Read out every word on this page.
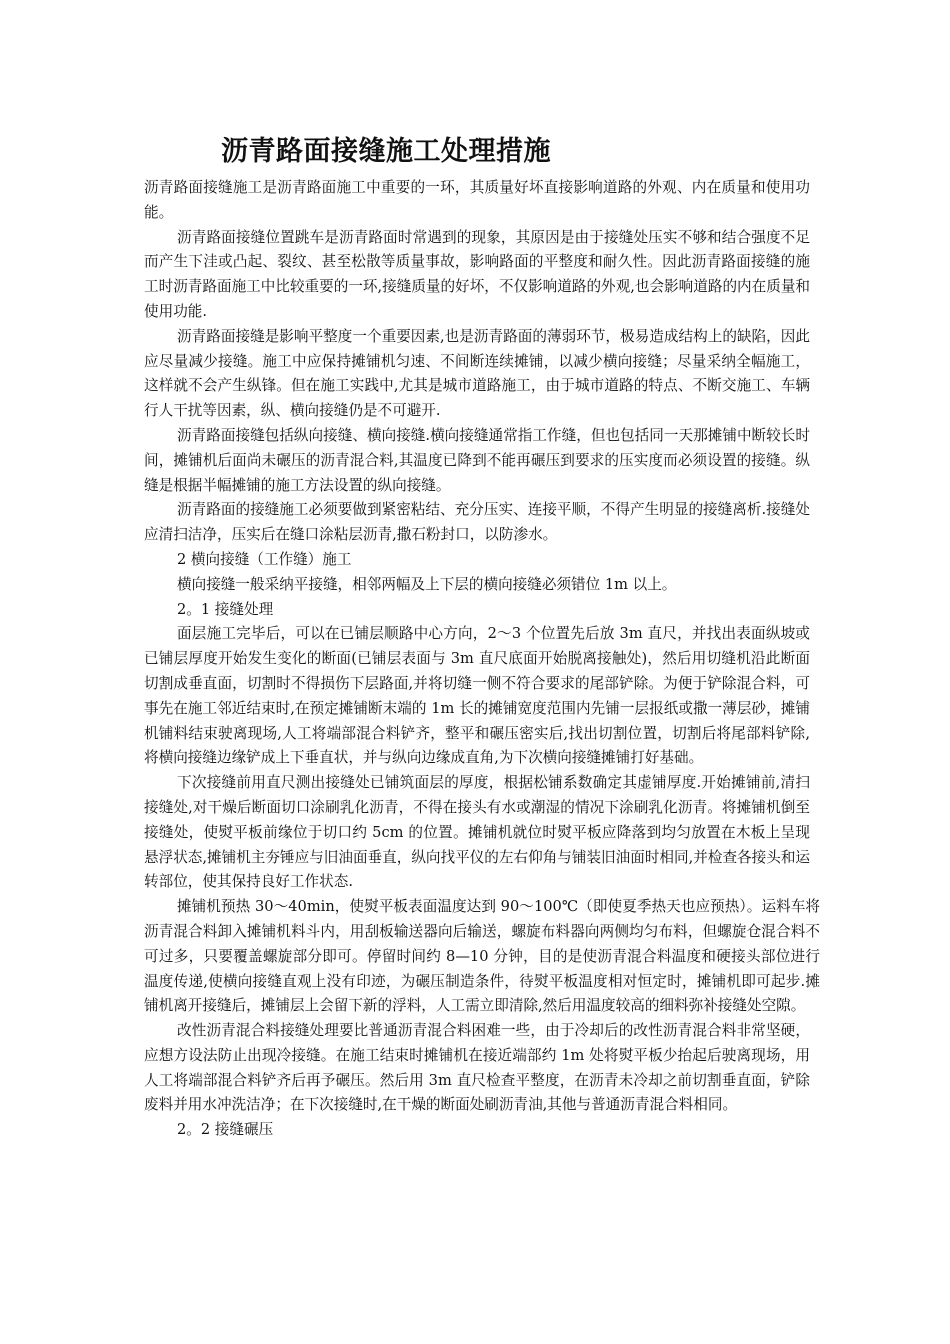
沥青路面接缝施工处理措施

沥青路面接缝施工是沥青路面施工中重要的一环，其质量好坏直接影响道路的外观、内在质量和使用功能。

沥青路面接缝位置跳车是沥青路面时常遇到的现象，其原因是由于接缝处压实不够和结合强度不足而产生下洼或凸起、裂纹、甚至松散等质量事故，影响路面的平整度和耐久性。因此沥青路面接缝的施工时沥青路面施工中比较重要的一环,接缝质量的好坏，不仅影响道路的外观,也会影响道路的内在质量和使用功能.

沥青路面接缝是影响平整度一个重要因素,也是沥青路面的薄弱环节，极易造成结构上的缺陷，因此应尽量减少接缝。施工中应保持摊铺机匀速、不间断连续摊铺，以减少横向接缝；尽量采纳全幅施工，这样就不会产生纵锋。但在施工实践中,尤其是城市道路施工，由于城市道路的特点、不断交施工、车辆行人干扰等因素，纵、横向接缝仍是不可避开.

沥青路面接缝包括纵向接缝、横向接缝.横向接缝通常指工作缝，但也包括同一天那摊铺中断较长时间，摊铺机后面尚未碾压的沥青混合料,其温度已降到不能再碾压到要求的压实度而必须设置的接缝。纵缝是根据半幅摊铺的施工方法设置的纵向接缝。

沥青路面的接缝施工必须要做到紧密粘结、充分压实、连接平顺，不得产生明显的接缝离析.接缝处应清扫洁净，压实后在缝口涂粘层沥青,撒石粉封口，以防渗水。

2 横向接缝（工作缝）施工

横向接缝一般采纳平接缝，相邻两幅及上下层的横向接缝必须错位 1m 以上。

2。1 接缝处理

面层施工完毕后，可以在已铺层顺路中心方向，2～3 个位置先后放 3m 直尺，并找出表面纵坡或已铺层厚度开始发生变化的断面(已铺层表面与 3m 直尺底面开始脱离接触处)，然后用切缝机沿此断面切割成垂直面，切割时不得损伤下层路面,并将切缝一侧不符合要求的尾部铲除。为便于铲除混合料，可事先在施工邻近结束时,在预定摊铺断末端的 1m 长的摊铺宽度范围内先铺一层报纸或撒一薄层砂，摊铺机铺料结束驶离现场,人工将端部混合料铲齐，整平和碾压密实后,找出切割位置，切割后将尾部料铲除,将横向接缝边缘铲成上下垂直状，并与纵向边缘成直角,为下次横向接缝摊铺打好基础。

下次接缝前用直尺测出接缝处已铺筑面层的厚度，根据松铺系数确定其虚铺厚度.开始摊铺前,清扫接缝处,对干燥后断面切口涂刷乳化沥青，不得在接头有水或潮湿的情况下涂刷乳化沥青。将摊铺机倒至接缝处，使熨平板前缘位于切口约 5cm 的位置。摊铺机就位时熨平板应降落到均匀放置在木板上呈现悬浮状态,摊铺机主夯锤应与旧油面垂直，纵向找平仪的左右仰角与铺装旧油面时相同,并检查各接头和运转部位，使其保持良好工作状态.

摊铺机预热 30～40min，使熨平板表面温度达到 90～100℃（即使夏季热天也应预热）。运料车将沥青混合料卸入摊铺机料斗内，用刮板输送器向后输送，螺旋布料器向两侧均匀布料，但螺旋仓混合料不可过多，只要覆盖螺旋部分即可。停留时间约 8—10 分钟，目的是使沥青混合料温度和硬接头部位进行温度传递,使横向接缝直观上没有印迹，为碾压制造条件，待熨平板温度相对恒定时，摊铺机即可起步.摊铺机离开接缝后，摊铺层上会留下新的浮料，人工需立即清除,然后用温度较高的细料弥补接缝处空隙。

改性沥青混合料接缝处理要比普通沥青混合料困难一些，由于冷却后的改性沥青混合料非常坚硬，应想方设法防止出现冷接缝。在施工结束时摊铺机在接近端部约 1m 处将熨平板少抬起后驶离现场，用人工将端部混合料铲齐后再予碾压。然后用 3m 直尺检查平整度，在沥青未冷却之前切割垂直面，铲除废料并用水冲洗洁净；在下次接缝时,在干燥的断面处刷沥青油,其他与普通沥青混合料相同。

2。2 接缝碾压
